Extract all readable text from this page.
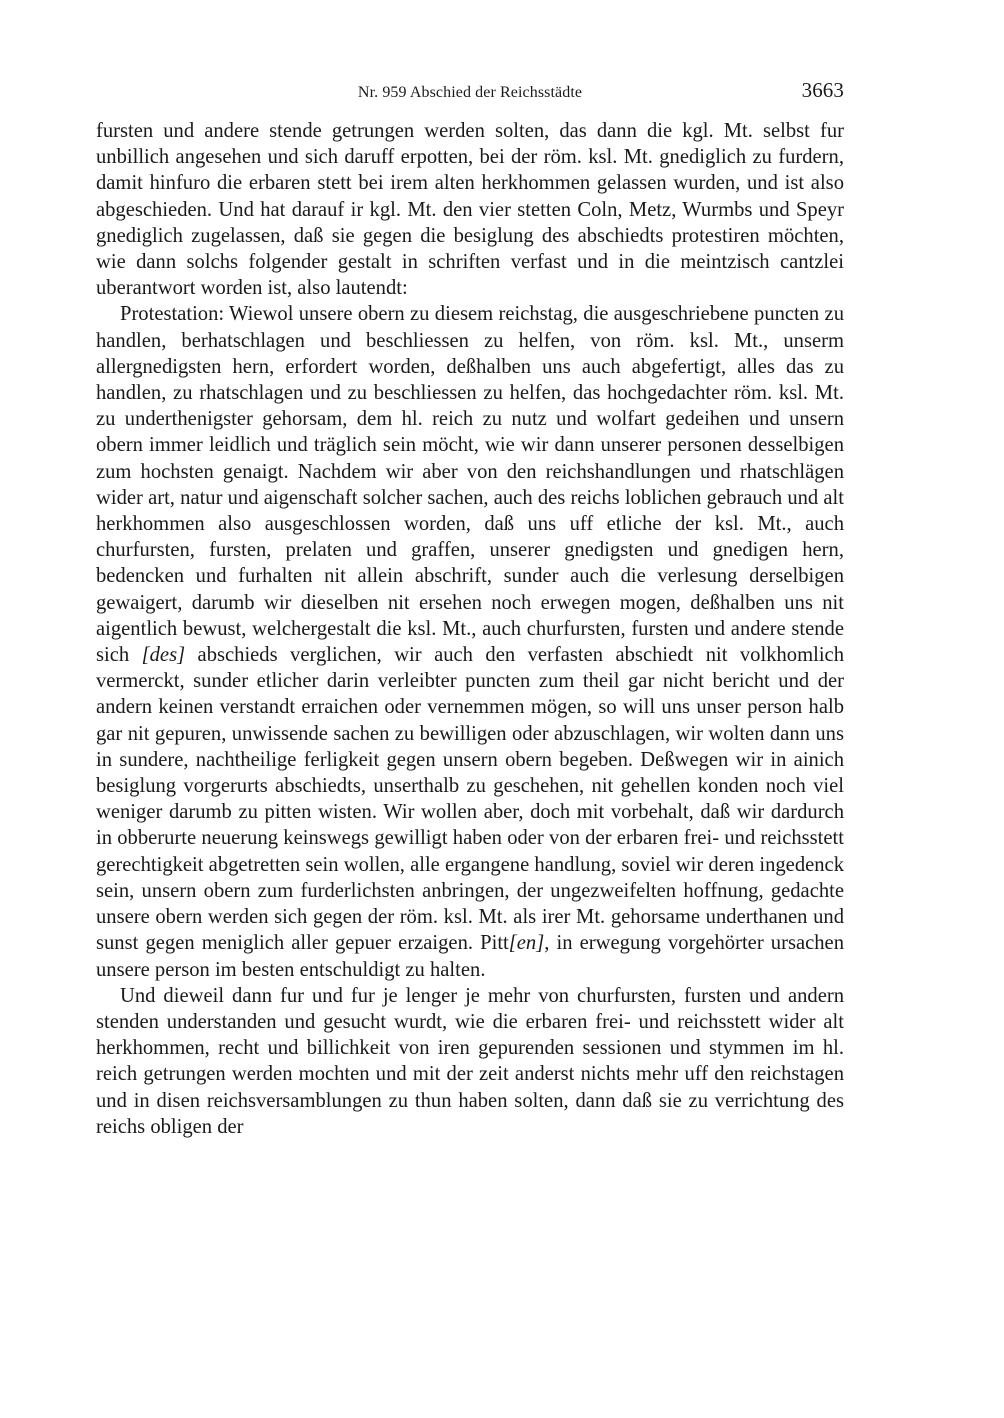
Nr. 959 Abschied der Reichsstädte	3663

fursten und andere stende getrungen werden solten, das dann die kgl. Mt. selbst fur unbillich angesehen und sich daruff erpotten, bei der röm. ksl. Mt. gnediglich zu furdern, damit hinfuro die erbaren stett bei irem alten herkhommen gelassen wurden, und ist also abgeschieden. Und hat darauf ir kgl. Mt. den vier stetten Coln, Metz, Wurmbs und Speyr gnediglich zugelassen, daß sie gegen die besiglung des abschiedts protestiren möchten, wie dann solchs folgender gestalt in schriften verfast und in die meintzisch cantzlei uberantwort worden ist, also lautendt:

Protestation: Wiewol unsere obern zu diesem reichstag, die ausgeschriebene puncten zu handlen, berhatschlagen und beschliessen zu helfen, von röm. ksl. Mt., unserm allergnedigsten hern, erfordert worden, deßhalben uns auch abgefertigt, alles das zu handlen, zu rhatschlagen und zu beschliessen zu helfen, das hochgedachter röm. ksl. Mt. zu underthenigster gehorsam, dem hl. reich zu nutz und wolfart gedeihen und unsern obern immer leidlich und träglich sein möcht, wie wir dann unserer personen desselbigen zum hochsten genaigt. Nachdem wir aber von den reichshandlungen und rhatschlägen wider art, natur und aigenschaft solcher sachen, auch des reichs loblichen gebrauch und alt herkhommen also ausgeschlossen worden, daß uns uff etliche der ksl. Mt., auch churfursten, fursten, prelaten und graffen, unserer gnedigsten und gnedigen hern, bedencken und furhalten nit allein abschrift, sunder auch die verlesung derselbigen gewaigert, darumb wir dieselben nit ersehen noch erwegen mogen, deßhalben uns nit aigentlich bewust, welchergestalt die ksl. Mt., auch churfursten, fursten und andere stende sich [des] abschieds verglichen, wir auch den verfasten abschiedt nit volkhomlich vermerckt, sunder etlicher darin verleibter puncten zum theil gar nicht bericht und der andern keinen verstandt erraichen oder vernemmen mögen, so will uns unser person halb gar nit gepuren, unwissende sachen zu bewilligen oder abzuschlagen, wir wolten dann uns in sundere, nachtheilige ferligkeit gegen unsern obern begeben. Deßwegen wir in ainich besiglung vorgerurts abschiedts, unserthalb zu geschehen, nit gehellen konden noch viel weniger darumb zu pitten wisten. Wir wollen aber, doch mit vorbehalt, daß wir dardurch in obberurte neuerung keinswegs gewilligt haben oder von der erbaren frei- und reichsstett gerechtigkeit abgetretten sein wollen, alle ergangene handlung, soviel wir deren ingedenck sein, unsern obern zum furderlichsten anbringen, der ungezweifelten hoffnung, gedachte unsere obern werden sich gegen der röm. ksl. Mt. als irer Mt. gehorsame underthanen und sunst gegen meniglich aller gepuer erzaigen. Pitt[en], in erwegung vorgehörter ursachen unsere person im besten entschuldigt zu halten.

Und dieweil dann fur und fur je lenger je mehr von churfursten, fursten und andern stenden understanden und gesucht wurdt, wie die erbaren frei- und reichsstett wider alt herkhommen, recht und billichkeit von iren gepurenden sessionen und stymmen im hl. reich getrungen werden mochten und mit der zeit anderst nichts mehr uff den reichstagen und in disen reichsversamblungen zu thun haben solten, dann daß sie zu verrichtung des reichs obligen der
